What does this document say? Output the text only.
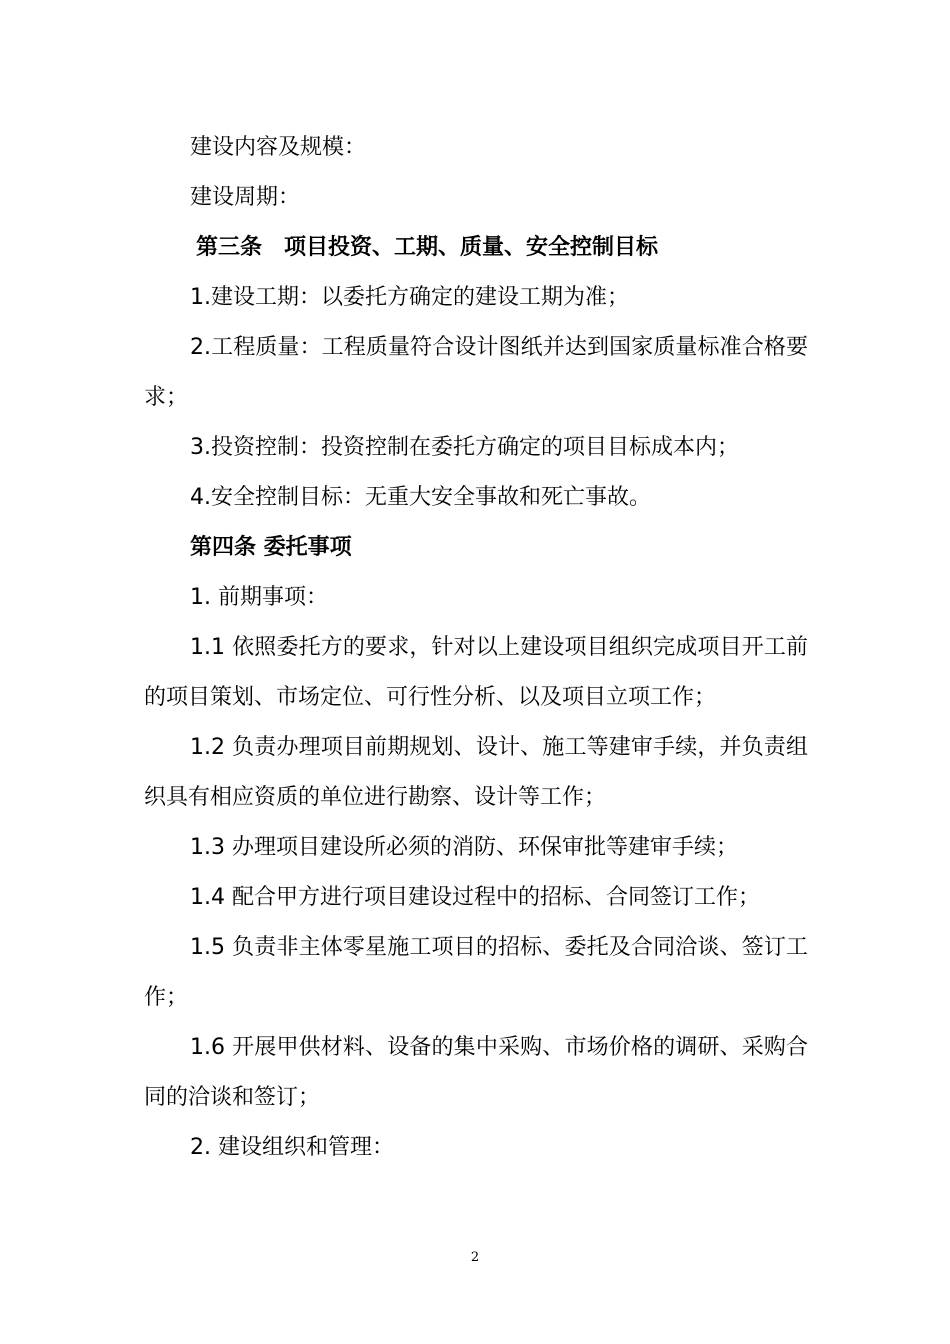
建设内容及规模：
建设周期：
第三条　项目投资、工期、质量、安全控制目标
1.建设工期：以委托方确定的建设工期为准；
2.工程质量：工程质量符合设计图纸并达到国家质量标准合格要
求；
3.投资控制：投资控制在委托方确定的项目目标成本内；
4.安全控制目标：无重大安全事故和死亡事故。
第四条 委托事项
1. 前期事项：
1.1 依照委托方的要求，针对以上建设项目组织完成项目开工前
的项目策划、市场定位、可行性分析、以及项目立项工作；
1.2 负责办理项目前期规划、设计、施工等建审手续，并负责组
织具有相应资质的单位进行勘察、设计等工作；
1.3 办理项目建设所必须的消防、环保审批等建审手续；
1.4 配合甲方进行项目建设过程中的招标、合同签订工作；
1.5 负责非主体零星施工项目的招标、委托及合同洽谈、签订工
作；
1.6 开展甲供材料、设备的集中采购、市场价格的调研、采购合
同的洽谈和签订；
2. 建设组织和管理：
2
